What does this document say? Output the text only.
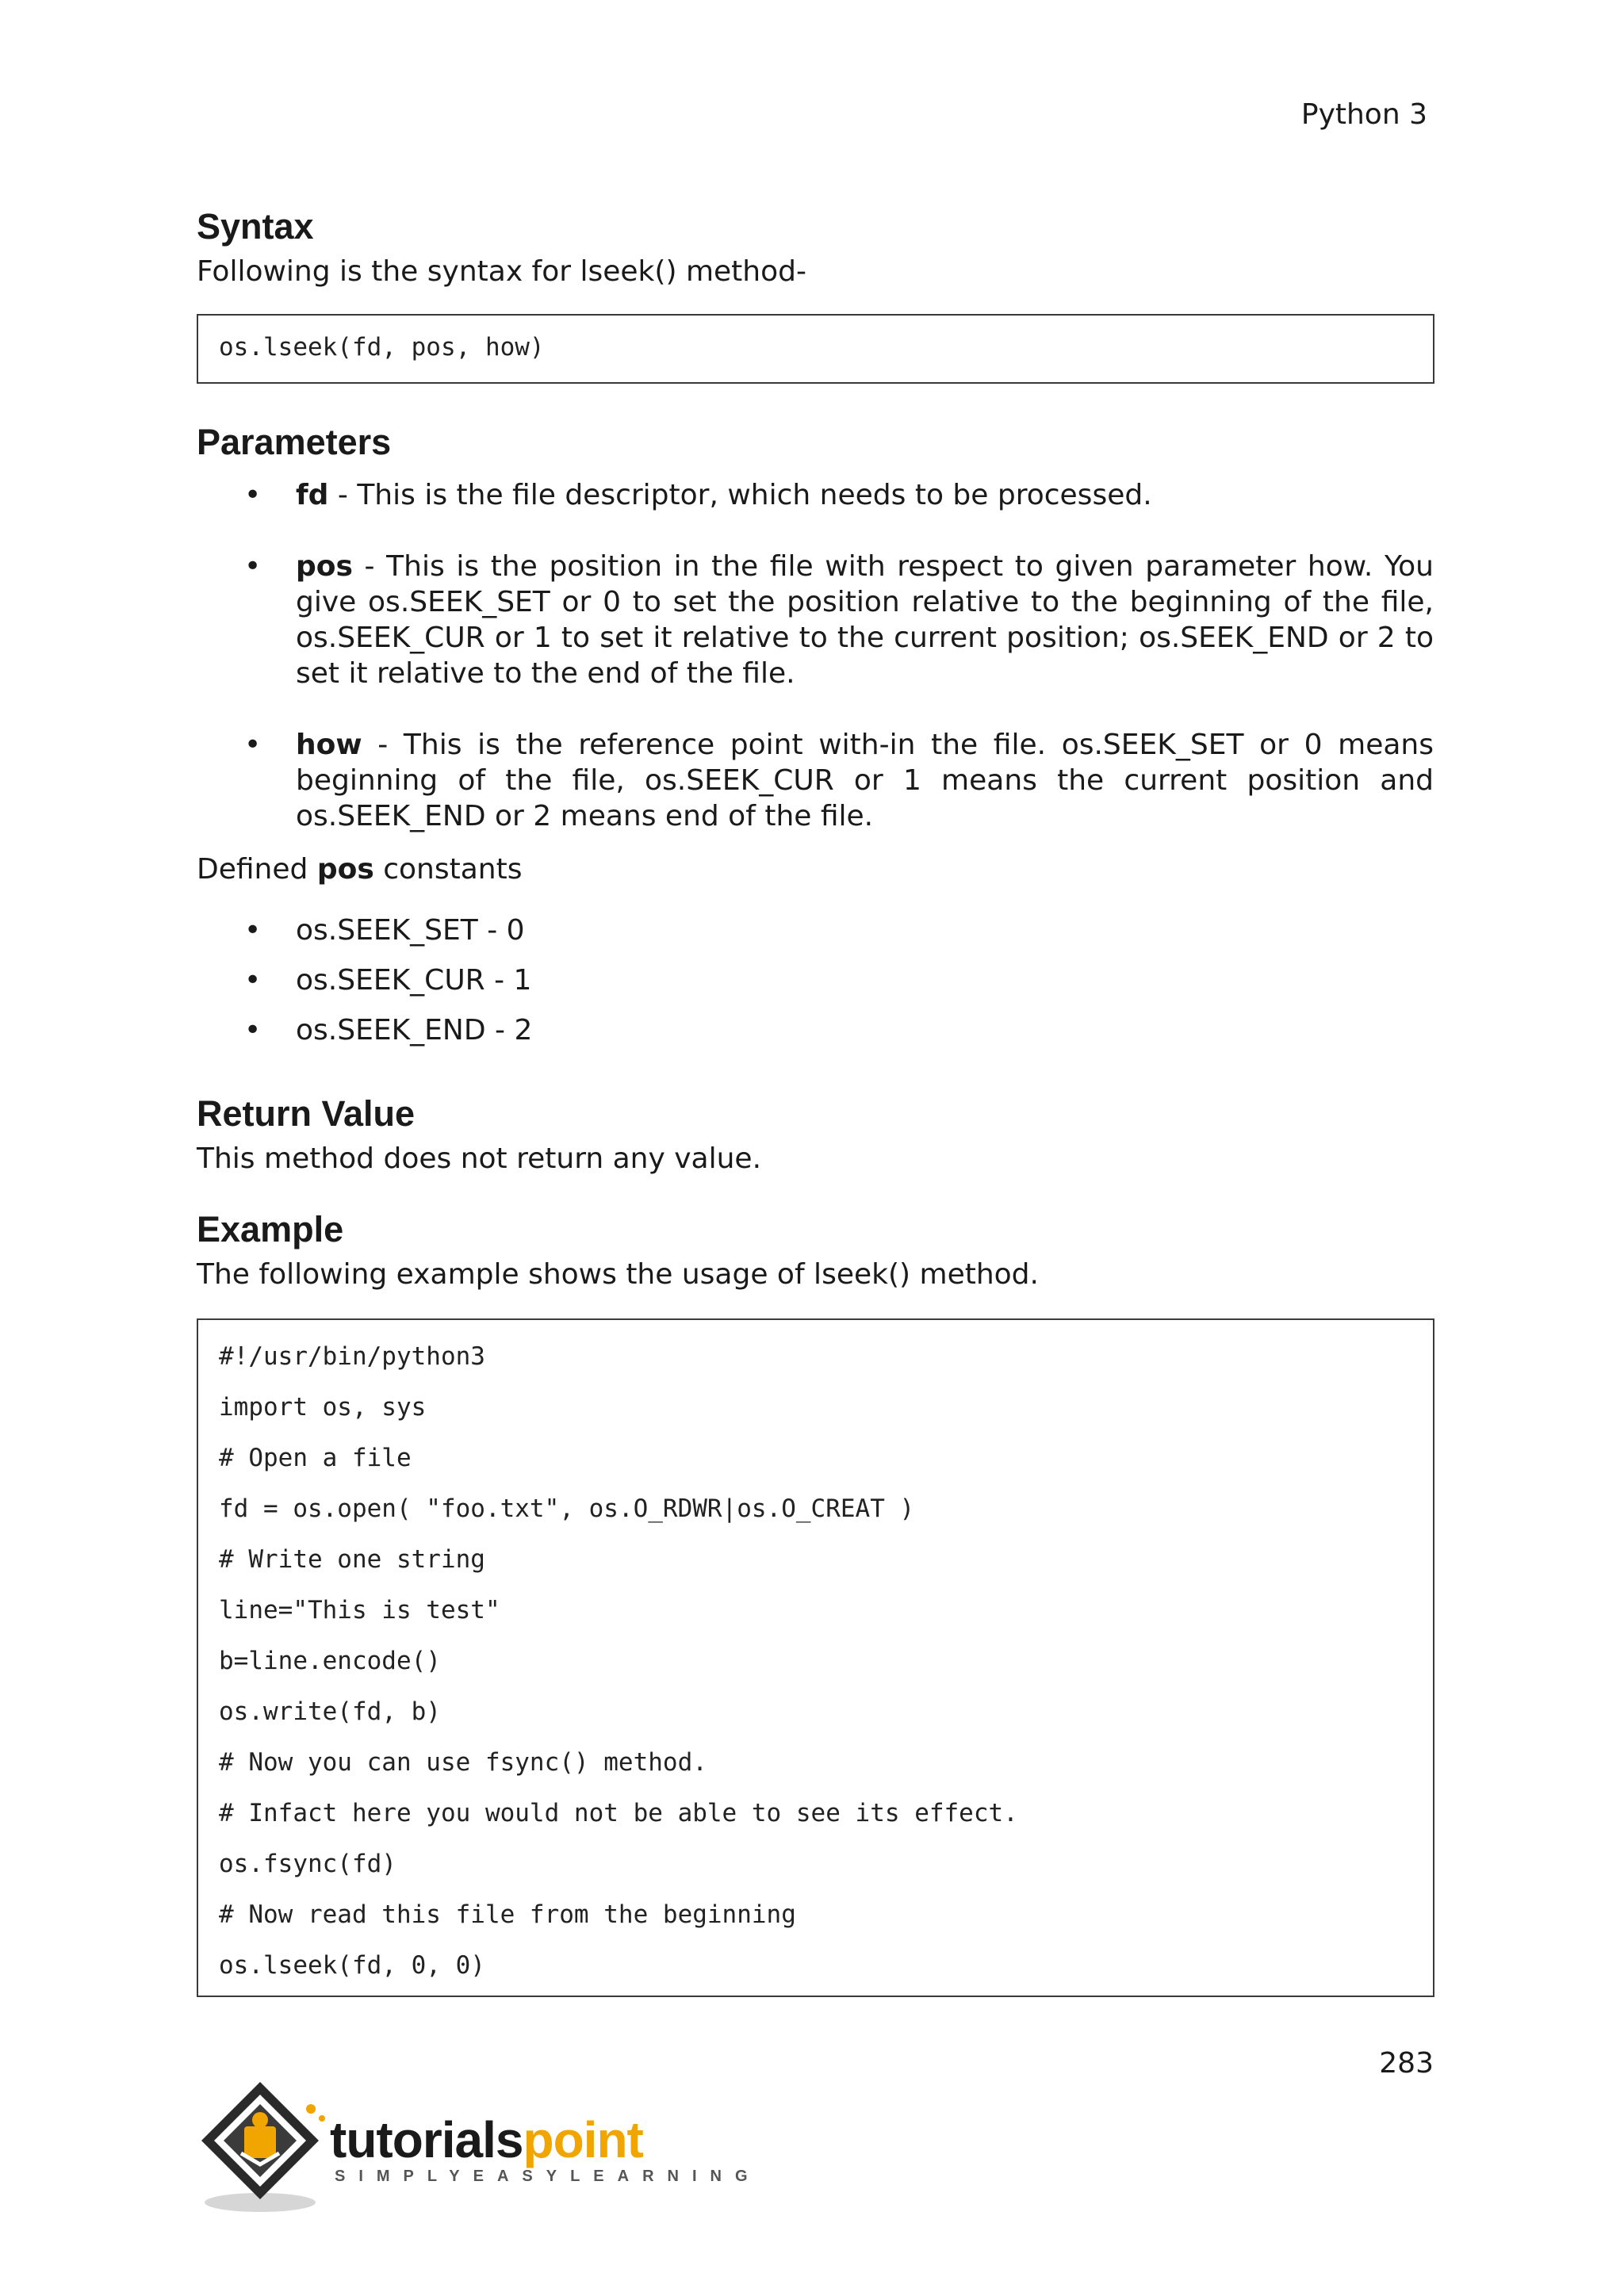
Python 3
Syntax

Following is the syntax for lseek() method-

os.lseek(fd, pos, how)
Parameters
• fd - This is the file descriptor, which needs to be processed.
• pos - This is the position in the file with respect to given parameter how. You give os.SEEK_SET or 0 to set the position relative to the beginning of the file, os.SEEK_CUR or 1 to set it relative to the current position; os.SEEK_END or 2 to set it relative to the end of the file.
• how - This is the reference point with-in the file. os.SEEK_SET or 0 means beginning of the file, os.SEEK_CUR or 1 means the current position and os.SEEK_END or 2 means end of the file.

Defined pos constants

• os.SEEK_SET - 0
• os.SEEK_CUR - 1
• os.SEEK_END - 2
Return Value

This method does not return any value.

Example

The following example shows the usage of lseek() method.

#!/usr/bin/python3
import os, sys
# Open a file
fd = os.open( "foo.txt", os.O_RDWR|os.O_CREAT )
# Write one string
line="This is test"
b=line.encode()
os.write(fd, b)
# Now you can use fsync() method.
# Infact here you would not be able to see its effect.
os.fsync(fd)
# Now read this file from the beginning
os.lseek(fd, 0, 0)
283
tutorialspoint
SIMPLYEASYLEARNING
